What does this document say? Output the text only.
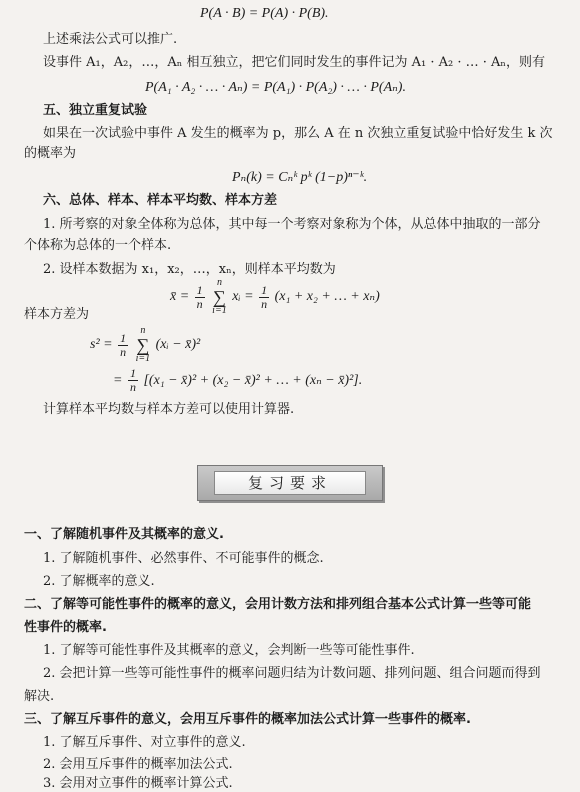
P(A · B) = P(A) · P(B).
上述乘法公式可以推广.
设事件 A₁，A₂，…，Aₙ 相互独立，把它们同时发生的事件记为 A₁ · A₂ · … · Aₙ，则有
P(A₁ · A₂ · … · Aₙ) = P(A₁) · P(A₂) · … · P(Aₙ).
五、独立重复试验
如果在一次试验中事件 A 发生的概率为 p，那么 A 在 n 次独立重复试验中恰好发生 k 次
的概率为
Pₙ(k) = Cₙᵏ pᵏ (1−p)ⁿ⁻ᵏ.
六、总体、样本、样本平均数、样本方差
1. 所考察的对象全体称为总体，其中每一个考察对象称为个体，从总体中抽取的一部分
个体称为总体的一个样本.
2. 设样本数据为 x₁，x₂，…，xₙ，则样本平均数为
x̄ = $\frac{1}{n}$
n
∑
i=1 xᵢ = $\frac{1}{n} (x_1 + x_2$ + … + xₙ)
样本方差为
$s^2 = \frac{1}{n}$
n
∑
i=1 (xᵢ − x̄)²
= $\frac{1}{n} [(x_1$ − x̄)² + (x₂ − x̄)² + … + (xₙ − x̄)²].
计算样本平均数与样本方差可以使用计算器.
复习要求
一、了解随机事件及其概率的意义.
1. 了解随机事件、必然事件、不可能事件的概念.
2. 了解概率的意义.
二、了解等可能性事件的概率的意义，会用计数方法和排列组合基本公式计算一些等可能
性事件的概率.
1. 了解等可能性事件及其概率的意义，会判断一些等可能性事件.
2. 会把计算一些等可能性事件的概率问题归结为计数问题、排列问题、组合问题而得到
解决.
三、了解互斥事件的意义，会用互斥事件的概率加法公式计算一些事件的概率.
1. 了解互斥事件、对立事件的意义.
2. 会用互斥事件的概率加法公式.
3. 会用对立事件的概率计算公式.
